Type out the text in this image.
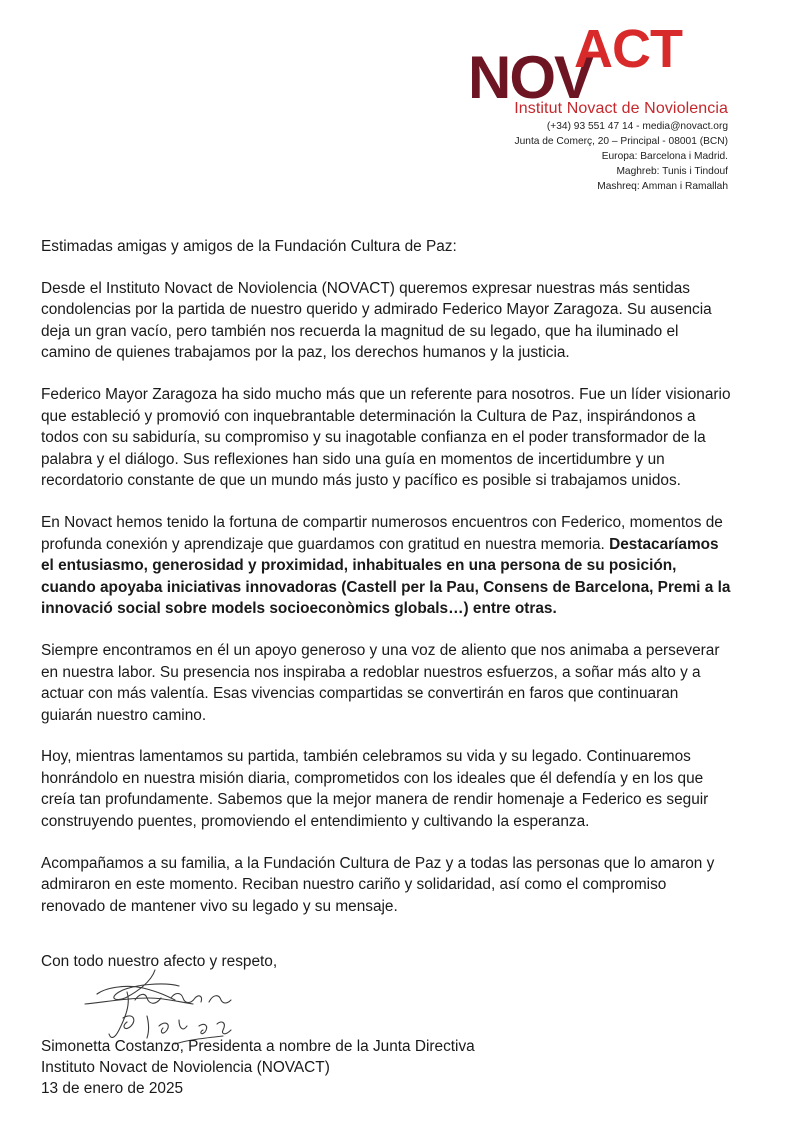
NOV
ACT
Institut Novact de Noviolencia
(+34) 93 551 47 14 - media@novact.org
Junta de Comerç, 20 – Principal - 08001 (BCN)
Europa: Barcelona i Madrid.
Maghreb: Tunis i Tindouf
Mashreq: Amman i Ramallah

Estimadas amigas y amigos de la Fundación Cultura de Paz:

Desde el Instituto Novact de Noviolencia (NOVACT) queremos expresar nuestras más sentidas condolencias por la partida de nuestro querido y admirado Federico Mayor Zaragoza. Su ausencia deja un gran vacío, pero también nos recuerda la magnitud de su legado, que ha iluminado el camino de quienes trabajamos por la paz, los derechos humanos y la justicia.

Federico Mayor Zaragoza ha sido mucho más que un referente para nosotros. Fue un líder visionario que estableció y promovió con inquebrantable determinación la Cultura de Paz, inspirándonos a todos con su sabiduría, su compromiso y su inagotable confianza en el poder transformador de la palabra y el diálogo. Sus reflexiones han sido una guía en momentos de incertidumbre y un recordatorio constante de que un mundo más justo y pacífico es posible si trabajamos unidos.

En Novact hemos tenido la fortuna de compartir numerosos encuentros con Federico, momentos de profunda conexión y aprendizaje que guardamos con gratitud en nuestra memoria. Destacaríamos el entusiasmo, generosidad y proximidad, inhabituales en una persona de su posición, cuando apoyaba iniciativas innovadoras (Castell per la Pau, Consens de Barcelona, Premi a la innovació social sobre models socioeconòmics globals…) entre otras.

Siempre encontramos en él un apoyo generoso y una voz de aliento que nos animaba a perseverar en nuestra labor. Su presencia nos inspiraba a redoblar nuestros esfuerzos, a soñar más alto y a actuar con más valentía. Esas vivencias compartidas se convertirán en faros que continuaran guiarán nuestro camino.

Hoy, mientras lamentamos su partida, también celebramos su vida y su legado. Continuaremos honrándolo en nuestra misión diaria, comprometidos con los ideales que él defendía y en los que creía tan profundamente. Sabemos que la mejor manera de rendir homenaje a Federico es seguir construyendo puentes, promoviendo el entendimiento y cultivando la esperanza.

Acompañamos a su familia, a la Fundación Cultura de Paz y a todas las personas que lo amaron y admiraron en este momento. Reciban nuestro cariño y solidaridad, así como el compromiso renovado de mantener vivo su legado y su mensaje.

Con todo nuestro afecto y respeto,
Simonetta Costanzo, Presidenta a nombre de la Junta Directiva
Instituto Novact de Noviolencia (NOVACT)
13 de enero de 2025
